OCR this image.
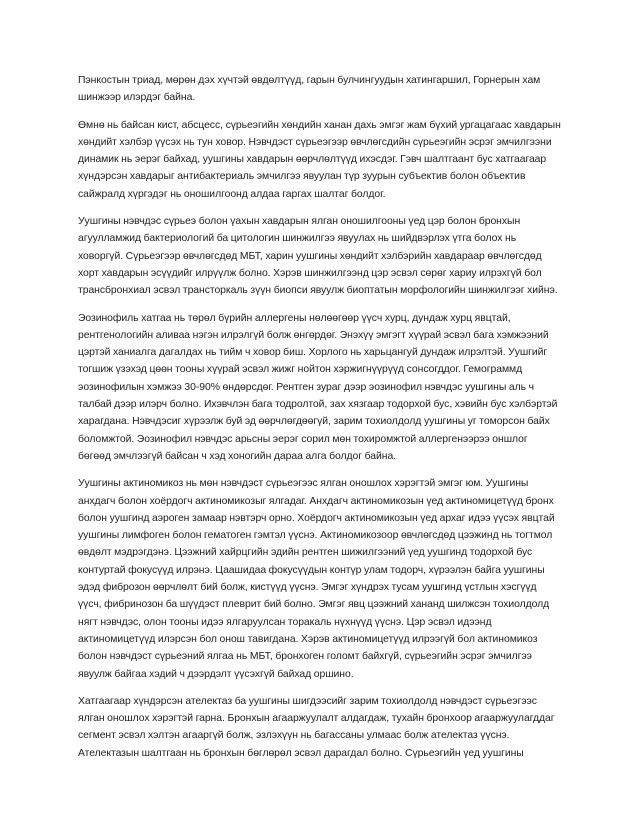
Пэнкостын триад, мөрөн дэх хүчтэй өвдөлтүүд, гарын булчингуудын хатингаршил, Горнерын хам шинжээр илэрдэг байна.

Өмнө нь байсан кист, абсцесс, сүрьеэгийн хөндийн ханан дахь эмгэг жам бүхий ургацагаас хавдарын хөндийт хэлбэр үүсэх нь тун ховор. Нэвчдэст сүрьеэгээр өвчлөгсдийн сүрьеэгийн эсрэг эмчилгээни динамик нь эерэг байхад, уушгины хавдарын өөрчлөлтүүд ихэсдэг. Гэвч шалтгаант бус хатгаагаар хүндэрсэн хавдарыг антибактериаль эмчилгээ явуулан түр зуурын субъектив болон объектив сайжралд хүргэдэг нь оношилгоонд алдаа гаргах шалтаг болдог.

Уушгины нэвчдэс сүрьеэ болон үахын хавдарын ялган оношилгооны үед цэр болон бронхын агуулламжид бактериологий ба цитологин шинжилгээ явуулах нь шийдвэрлэх үтга болох нь ховоргүй. Сүрьеэгээр өвчлөгсдөд МБТ, харин уушгины хөндийт хэлбэрийн хавдараар өвчлөгсдөд хорт хавдарын эсүүдийг илрүүлж болно. Хэрэв шинжилгээнд цэр эсвэл сөрөг хариу илрэхгүй бол трансбронхиал эсвэл трансторкаль зүүн биопси явуулж биоптатын морфологийн шинжилгээг хийнэ.

Эозинофиль хатгаа нь төрөл бүрийн аллергены нөлөөгөөр үүсч хурц, дундаж хурц явцтай, рентгенологийн аливаа нэгэн илрэлгүй болж өнгөрдөг. Энэхүү эмгэгт хүүрай эсвэл бага хэмжээний цэртэй ханиалга дагалдах нь тийм ч ховор биш. Хорлого нь харьцангуй дундаж илрэлтэй. Уушгийг тогшиж үзэхэд цөөн тооны хүүрай эсвэл жижг нойтон хэржигнүүрүүд сонсогддог. Гемограммд эозинофилын хэмжээ 30-90% өндөрсдөг. Рентген зураг дээр эозинофил нэвчдэс уушгины аль ч талбай дээр илэрч болно. Ихэвчлэн бага тодролтой, зах хязгаар тодорхой бус, хэвийн бус хэлбэртэй харагдана. Нэвчдэсиг хүрээлж буй эд өөрчлөгдөөгүй, зарим тохиолдолд уушгины уг томорсон байх боломжтой. Эозинофил нэвчдэс арьсны эерэг сорил мөн тохиромжтой аллергенээрээ оншлог бөгөөд эмчлээгүй байсан ч хэд хоногийн дараа алга болдог байна.

Уушгины актиномикоз нь мөн нэвчдэст сүрьеэгээс ялган оношлох хэрэгтэй эмгэг юм. Уушгины анхдагч болон хоёрдогч актиномикозыг ялгадаг. Анхдагч актиномикозын үед актиномицетүүд бронх болон уушгинд аэроген замаар нэвтэрч орно. Хоёрдогч актиномикозын үед архаг идээ үүсэх явцтай уушгины лимфоген болон гематоген гэмтэл үүснэ. Актиномикозоор өвчлөгсдөд цээжинд нь тогтмол өвдөлт мэдрэгдэнэ. Цээжний хайрцгийн эдийн рентген шижилгээний үед уушгинд тодорхой бус контуртай фокусүүд илрэнэ. Цаашидаа фокусүүдын контүр улам тодорч, хүрээлэн байга уушгины эдэд фиброзон өөрчлөлт бий болж, кистүүд үүснэ. Эмгэг хүндрэх тусам уушгинд үстлын хэсгүүд үүсч, фибринозон ба шүүдэст плеврит бий болно. Эмгэг явц цээжний хананд шилжсэн тохиолдолд нягт нэвчдэс, олон тооны идээ ялгаруулсан торакаль нүхнүүд үүснэ. Цэр эсвэл идээнд актиномицетүүд илэрсэн бол онош тавигдана. Хэрэв актиномицетүүд илрээгүй бол актиномикоз болон нэвчдэст сүрьеэний ялгаа нь МБТ, бронхоген голомт байхгүй, сүрьеэгийн эсрэг эмчилгээ явуулж байгаа хэдий ч дээрдэлт үүсэхгүй байхад оршино.

Хатгаагаар хүндэрсэн ателектаз ба уушгины шигдээсийг зарим тохиолдолд нэвчдэст сүрьеэгээс ялган оношлох хэрэгтэй гарна. Бронхын агааржуулалт алдагдаж, тухайн бронхоор агааржуулагддаг сегмент эсвэл хэлтэн агааргүй болж, эзлэхүүн нь багассаны улмаас болж ателектаз үүснэ. Ателектазын шалтгаан нь бронхын бөглөрөл эсвэл дарагдал болно. Сүрьеэгийн үед уушгины
